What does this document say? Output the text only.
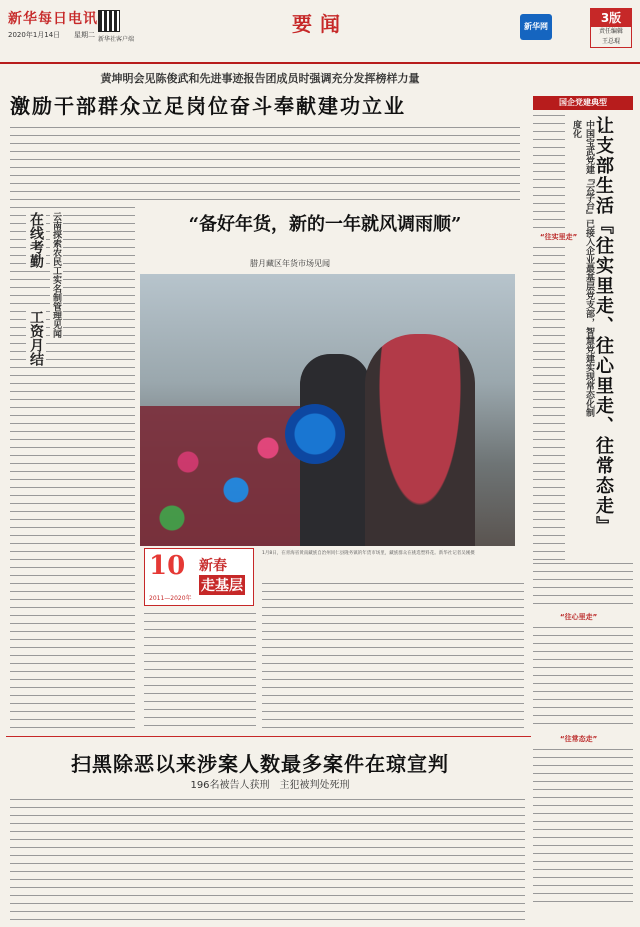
新华每日电讯
2020年1月14日 星期二
新华社客户端
要闻	新华网
3版
责任编辑
王总琨
黄坤明会见陈俊武和先进事迹报告团成员时强调充分发挥榜样力量
激励干部群众立足岗位奋斗奉献建功立业
在线考勤 云南探索农民工实名制管理见闻
工资月结
“备好年货，新的一年就风调雨顺”
腊月藏区年货市场见闻
10 新春
走基层
2011—2020年
1月8日，在青海省黄南藏族自治州同仁县隆务镇的年货市场里，藏族群众在挑选塑料花。新华社记者吴刚摄
国企党建典型
让支部生活『往实里走、往心里走、往常态走』
中国宝武党建『云学台』已接入企业最基层党支部，智慧党建实现常态化制度化
“往实里走”
“往心里走”
“往常态走”
扫黑除恶以来涉案人数最多案件在琼宣判
196名被告人获刑　主犯被判处死刑
